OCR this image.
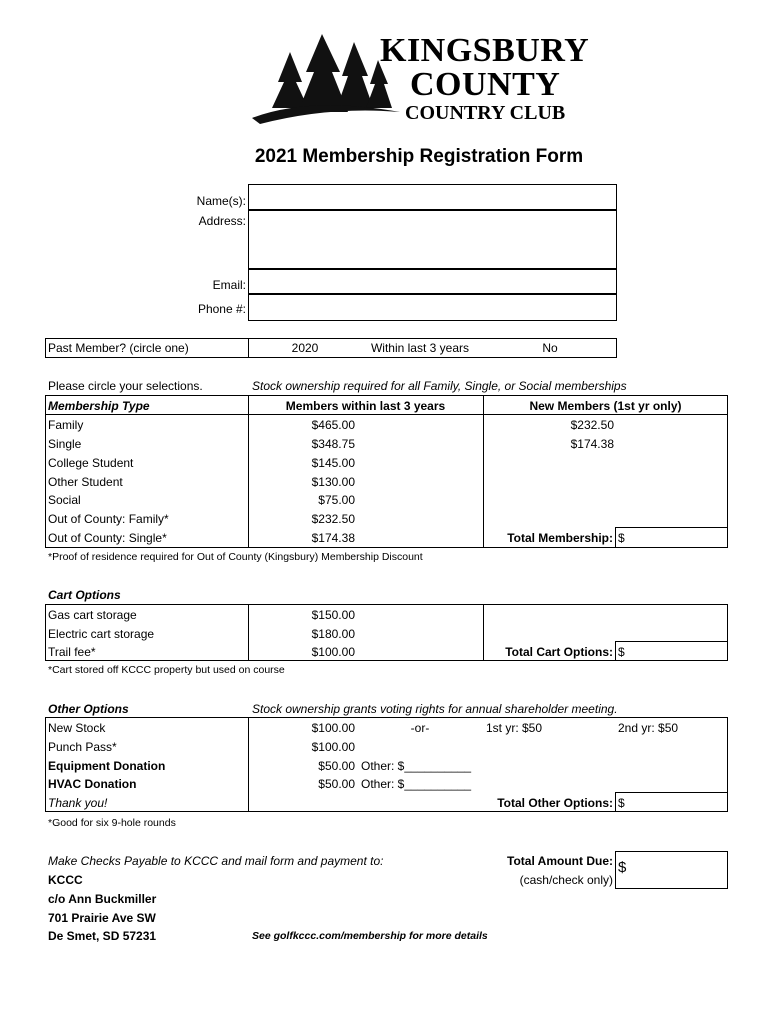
KINGSBURY
COUNTY
COUNTRY CLUB
2021 Membership Registration Form
Name(s):
Address:
Email:
Phone #:
Past Member? (circle one)	2020	Within last 3 years	No
Please circle your selections.	Stock ownership required for all Family, Single, or Social memberships
Membership Type	Members within last 3 years	New Members (1st yr only)
Family	$465.00	$232.50
Single	$348.75	$174.38
College Student	$145.00
Other Student	$130.00
Social	$75.00
Out of County: Family*	$232.50
Out of County: Single*	$174.38	Total Membership: $
*Proof of residence required for Out of County (Kingsbury) Membership Discount
Cart Options
Gas cart storage	$150.00
Electric cart storage	$180.00
Trail fee*	$100.00	Total Cart Options: $
*Cart stored off KCCC property but used on course
Other Options	Stock ownership grants voting rights for annual shareholder meeting.
New Stock	$100.00	-or-	1st yr: $50	2nd yr: $50
Punch Pass*	$100.00
Equipment Donation	$50.00 Other: $__________
HVAC Donation	$50.00 Other: $__________
Thank you!	Total Other Options: $
*Good for six 9-hole rounds
Make Checks Payable to KCCC and mail form and payment to:
KCCC
c/o Ann Buckmiller
701 Prairie Ave SW
De Smet, SD 57231
Total Amount Due:
(cash/check only)
$
See golfkccc.com/membership for more details
